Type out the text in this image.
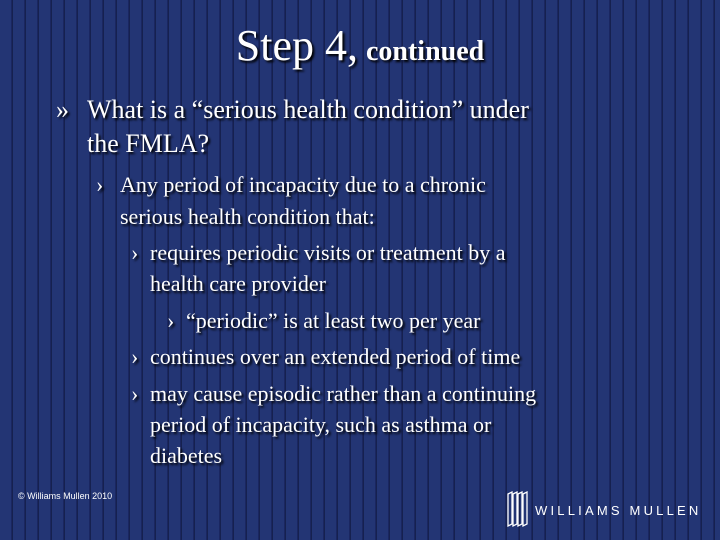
Step 4, continued
» What is a “serious health condition” under
the FMLA?
› Any period of incapacity due to a chronic
serious health condition that:
› requires periodic visits or treatment by a
health care provider
› “periodic” is at least two per year
› continues over an extended period of time
› may cause episodic rather than a continuing
period of incapacity, such as asthma or
diabetes
© Williams Mullen 2010
WILLIAMS MULLEN
